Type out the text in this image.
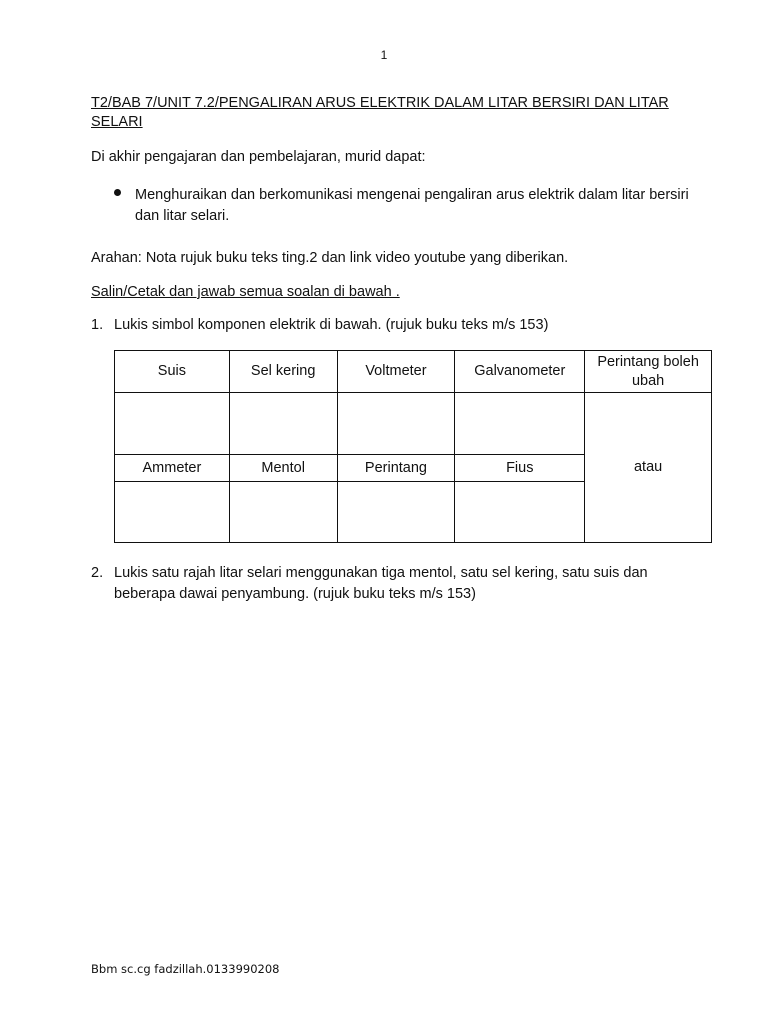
1
T2/BAB 7/UNIT 7.2/PENGALIRAN ARUS ELEKTRIK DALAM LITAR BERSIRI DAN LITAR SELARI
Di akhir pengajaran dan pembelajaran, murid dapat:
Menghuraikan dan berkomunikasi mengenai pengaliran arus elektrik dalam litar bersiri dan litar selari.
Arahan: Nota rujuk buku teks ting.2 dan link video youtube yang diberikan.
Salin/Cetak dan jawab semua soalan di bawah .
1. Lukis simbol komponen elektrik di bawah. (rujuk buku teks m/s 153)
Suis	Sel kering	Voltmeter	Galvanometer	Perintang boleh ubah
				atau
Ammeter	Mentol	Perintang	Fius	

2. Lukis satu rajah litar selari menggunakan tiga mentol, satu sel kering, satu suis dan beberapa dawai penyambung. (rujuk buku teks m/s 153)
Bbm sc.cg fadzillah.0133990208
